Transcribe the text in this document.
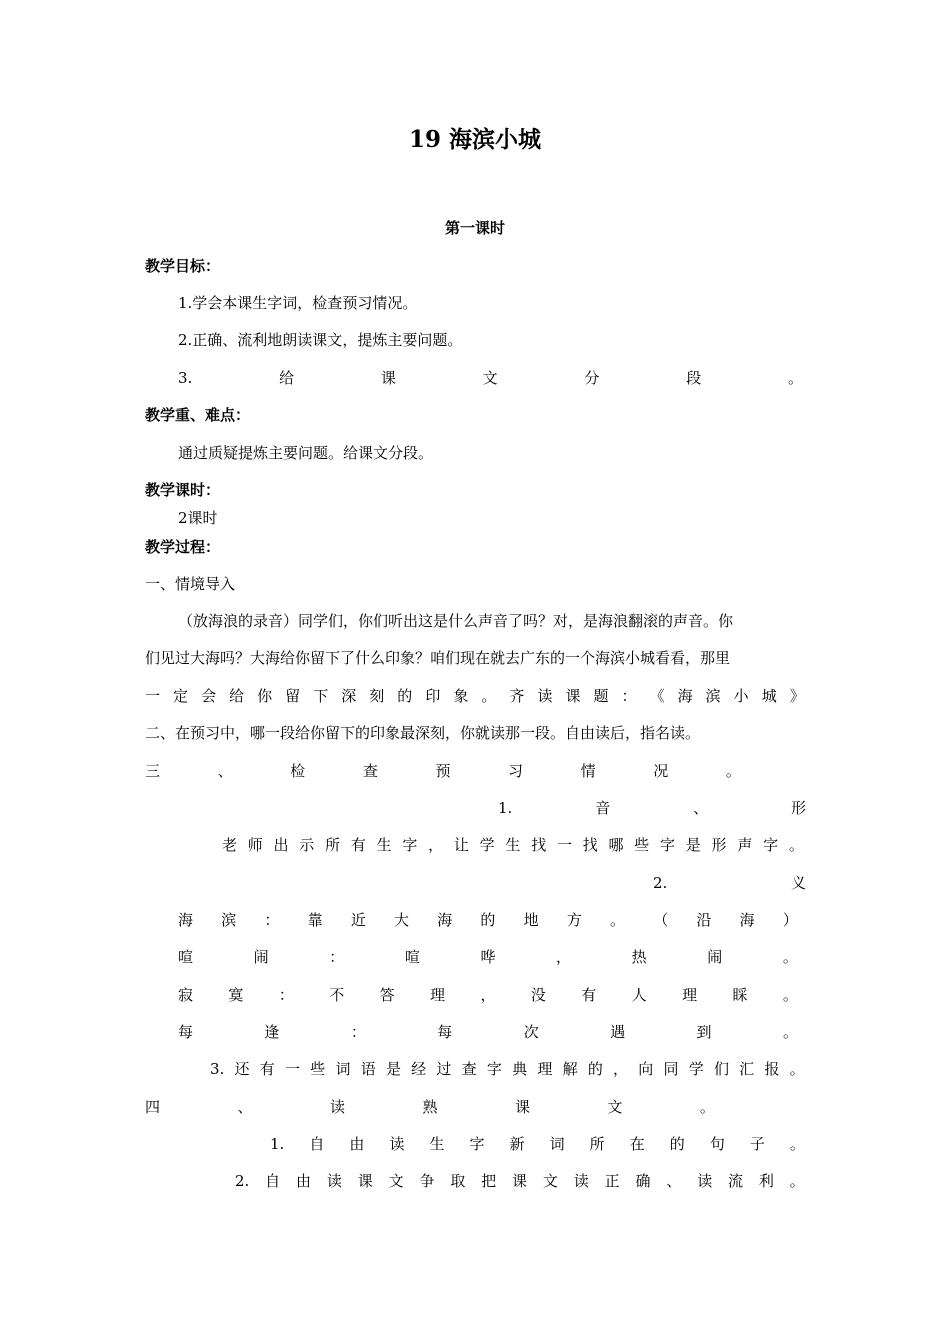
19 海滨小城
第一课时
教学目标：
1.学会本课生字词，检查预习情况。
2.正确、流利地朗读课文，提炼主要问题。
3.	给	课	文	分	段	。
教学重、难点：
通过质疑提炼主要问题。给课文分段。
教学课时：
2课时
教学过程：
一、情境导入
（放海浪的录音）同学们，你们听出这是什么声音了吗？对，是海浪翻滚的声音。你
们见过大海吗？大海给你留下了什么印象？咱们现在就去广东的一个海滨小城看看，那里
一 定 会 给 你 留 下 深 刻 的 印 象 。 齐 读 课 题 ： 《 海 滨 小 城 》
二、在预习中，哪一段给你留下的印象最深刻，你就读那一段。自由读后，指名读。
三	、	检	查	预	习	情	况	。
1.	音	、	形
老 师 出 示 所 有 生 字 ， 让 学 生 找 一 找 哪 些 字 是 形 声 字 。
2.	义
海 滨 ： 靠 近 大 海 的 地 方 。 （ 沿 海 ）
喧	闹	：	喧	哗	，	热	闹	。
寂 寞 ： 不 答 理 ， 没 有 人 理 睬 。
每	逢	：	每	次	遇	到	。
3. 还 有 一 些 词 语 是 经 过 查 字 典 理 解 的 ， 向 同 学 们 汇 报 。
四	、	读	熟	课	文	。
1. 自 由 读 生 字 新 词 所 在 的 句 子 。
2. 自 由 读 课 文 争 取 把 课 文 读 正 确 、 读 流 利 。
